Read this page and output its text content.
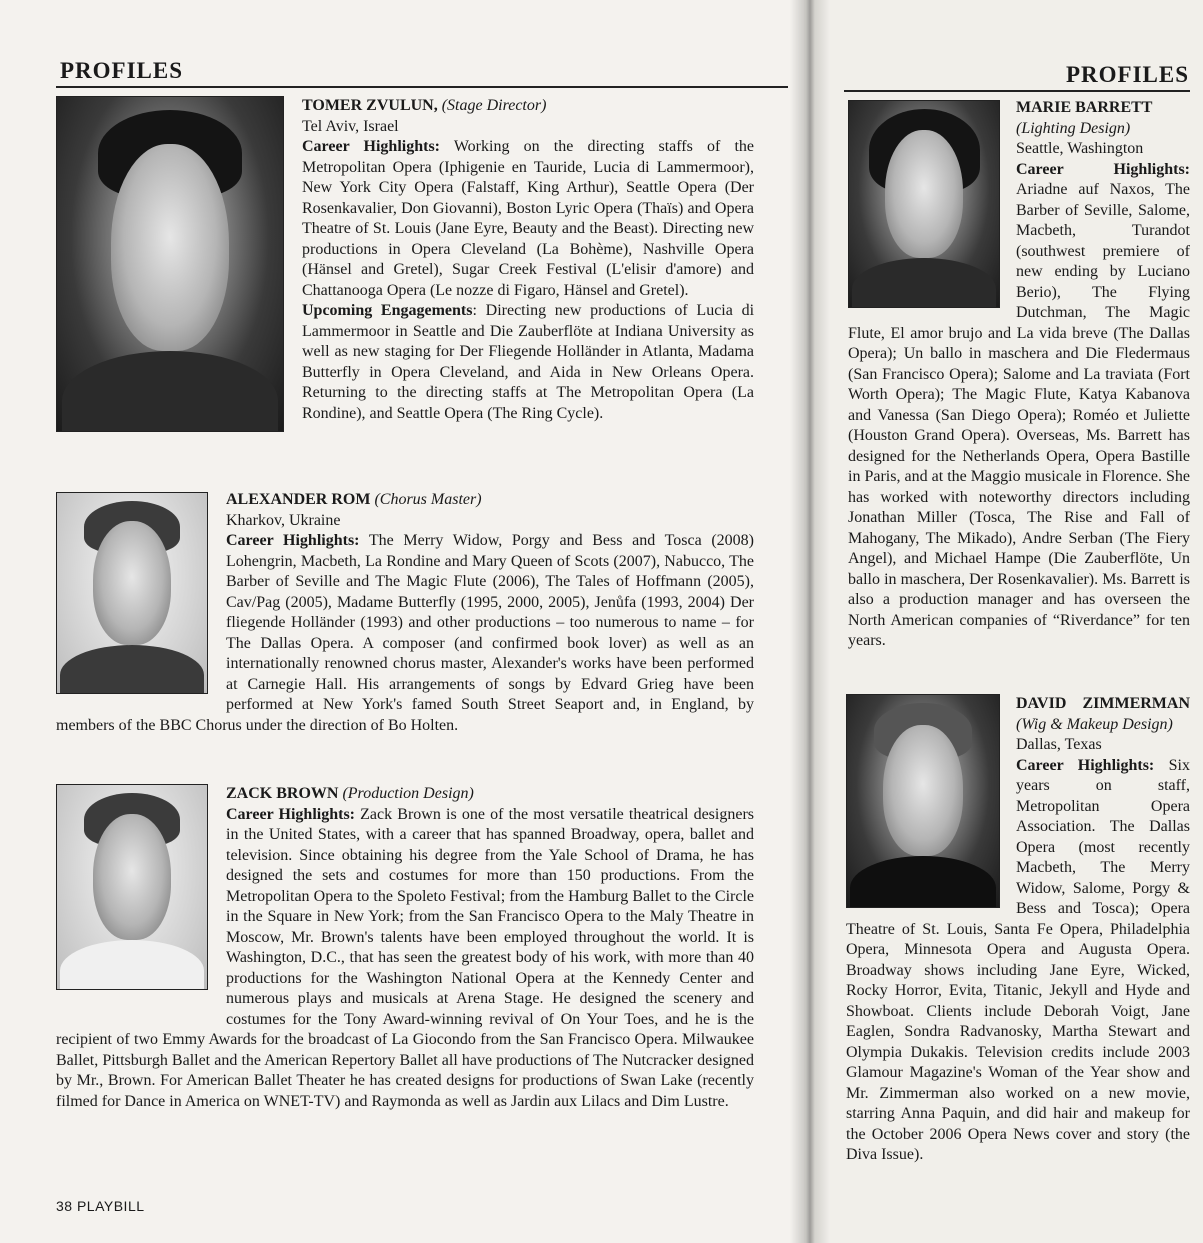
PROFILES

TOMER ZVULUN, (Stage Director)

Tel Aviv, Israel

Career Highlights: Working on the directing staffs of the Metropolitan Opera (Iphigenie en Tauride, Lucia di Lammermoor), New York City Opera (Falstaff, King Arthur), Seattle Opera (Der Rosenkavalier, Don Giovanni), Boston Lyric Opera (Thaïs) and Opera Theatre of St. Louis (Jane Eyre, Beauty and the Beast). Directing new productions in Opera Cleveland (La Bohème), Nashville Opera (Hänsel and Gretel), Sugar Creek Festival (L'elisir d'amore) and Chattanooga Opera (Le nozze di Figaro, Hänsel and Gretel).

Upcoming Engagements: Directing new productions of Lucia di Lammermoor in Seattle and Die Zauberflöte at Indiana University as well as new staging for Der Fliegende Holländer in Atlanta, Madama Butterfly in Opera Cleveland, and Aida in New Orleans Opera. Returning to the directing staffs at The Metropolitan Opera (La Rondine), and Seattle Opera (The Ring Cycle).

ALEXANDER ROM (Chorus Master)

Kharkov, Ukraine

Career Highlights: The Merry Widow, Porgy and Bess and Tosca (2008) Lohengrin, Macbeth, La Rondine and Mary Queen of Scots (2007), Nabucco, The Barber of Seville and The Magic Flute (2006), The Tales of Hoffmann (2005), Cav/Pag (2005), Madame Butterfly (1995, 2000, 2005), Jenůfa (1993, 2004) Der fliegende Holländer (1993) and other productions – too numerous to name – for The Dallas Opera. A composer (and confirmed book lover) as well as an internationally renowned chorus master, Alexander's works have been performed at Carnegie Hall. His arrangements of songs by Edvard Grieg have been performed at New York's famed South Street Seaport and, in England, by members of the BBC Chorus under the direction of Bo Holten.

ZACK BROWN (Production Design)

Career Highlights: Zack Brown is one of the most versatile theatrical designers in the United States, with a career that has spanned Broadway, opera, ballet and television. Since obtaining his degree from the Yale School of Drama, he has designed the sets and costumes for more than 150 productions. From the Metropolitan Opera to the Spoleto Festival; from the Hamburg Ballet to the Circle in the Square in New York; from the San Francisco Opera to the Maly Theatre in Moscow, Mr. Brown's talents have been employed throughout the world. It is Washington, D.C., that has seen the greatest body of his work, with more than 40 productions for the Washington National Opera at the Kennedy Center and numerous plays and musicals at Arena Stage. He designed the scenery and costumes for the Tony Award-winning revival of On Your Toes, and he is the recipient of two Emmy Awards for the broadcast of La Giocondo from the San Francisco Opera. Milwaukee Ballet, Pittsburgh Ballet and the American Repertory Ballet all have productions of The Nutcracker designed by Mr., Brown. For American Ballet Theater he has created designs for productions of Swan Lake (recently filmed for Dance in America on WNET-TV) and Raymonda as well as Jardin aux Lilacs and Dim Lustre.

38 PLAYBILL
PROFILES

MARIE BARRETT

(Lighting Design)

Seattle, Washington

Career Highlights: Ariadne auf Naxos, The Barber of Seville, Salome, Macbeth, Turandot (southwest premiere of new ending by Luciano Berio), The Flying Dutchman, The Magic Flute, El amor brujo and La vida breve (The Dallas Opera); Un ballo in maschera and Die Fledermaus (San Francisco Opera); Salome and La traviata (Fort Worth Opera); The Magic Flute, Katya Kabanova and Vanessa (San Diego Opera); Roméo et Juliette (Houston Grand Opera). Overseas, Ms. Barrett has designed for the Netherlands Opera, Opera Bastille in Paris, and at the Maggio musicale in Florence. She has worked with noteworthy directors including Jonathan Miller (Tosca, The Rise and Fall of Mahogany, The Mikado), Andre Serban (The Fiery Angel), and Michael Hampe (Die Zauberflöte, Un ballo in maschera, Der Rosenkavalier). Ms. Barrett is also a production manager and has overseen the North American companies of “Riverdance” for ten years.

DAVID ZIMMERMAN (Wig & Makeup Design)

Dallas, Texas

Career Highlights: Six years on staff, Metropolitan Opera Association. The Dallas Opera (most recently Macbeth, The Merry Widow, Salome, Porgy & Bess and Tosca); Opera Theatre of St. Louis, Santa Fe Opera, Philadelphia Opera, Minnesota Opera and Augusta Opera. Broadway shows including Jane Eyre, Wicked, Rocky Horror, Evita, Titanic, Jekyll and Hyde and Showboat. Clients include Deborah Voigt, Jane Eaglen, Sondra Radvanosky, Martha Stewart and Olympia Dukakis. Television credits include 2003 Glamour Magazine's Woman of the Year show and Mr. Zimmerman also worked on a new movie, starring Anna Paquin, and did hair and makeup for the October 2006 Opera News cover and story (the Diva Issue).
